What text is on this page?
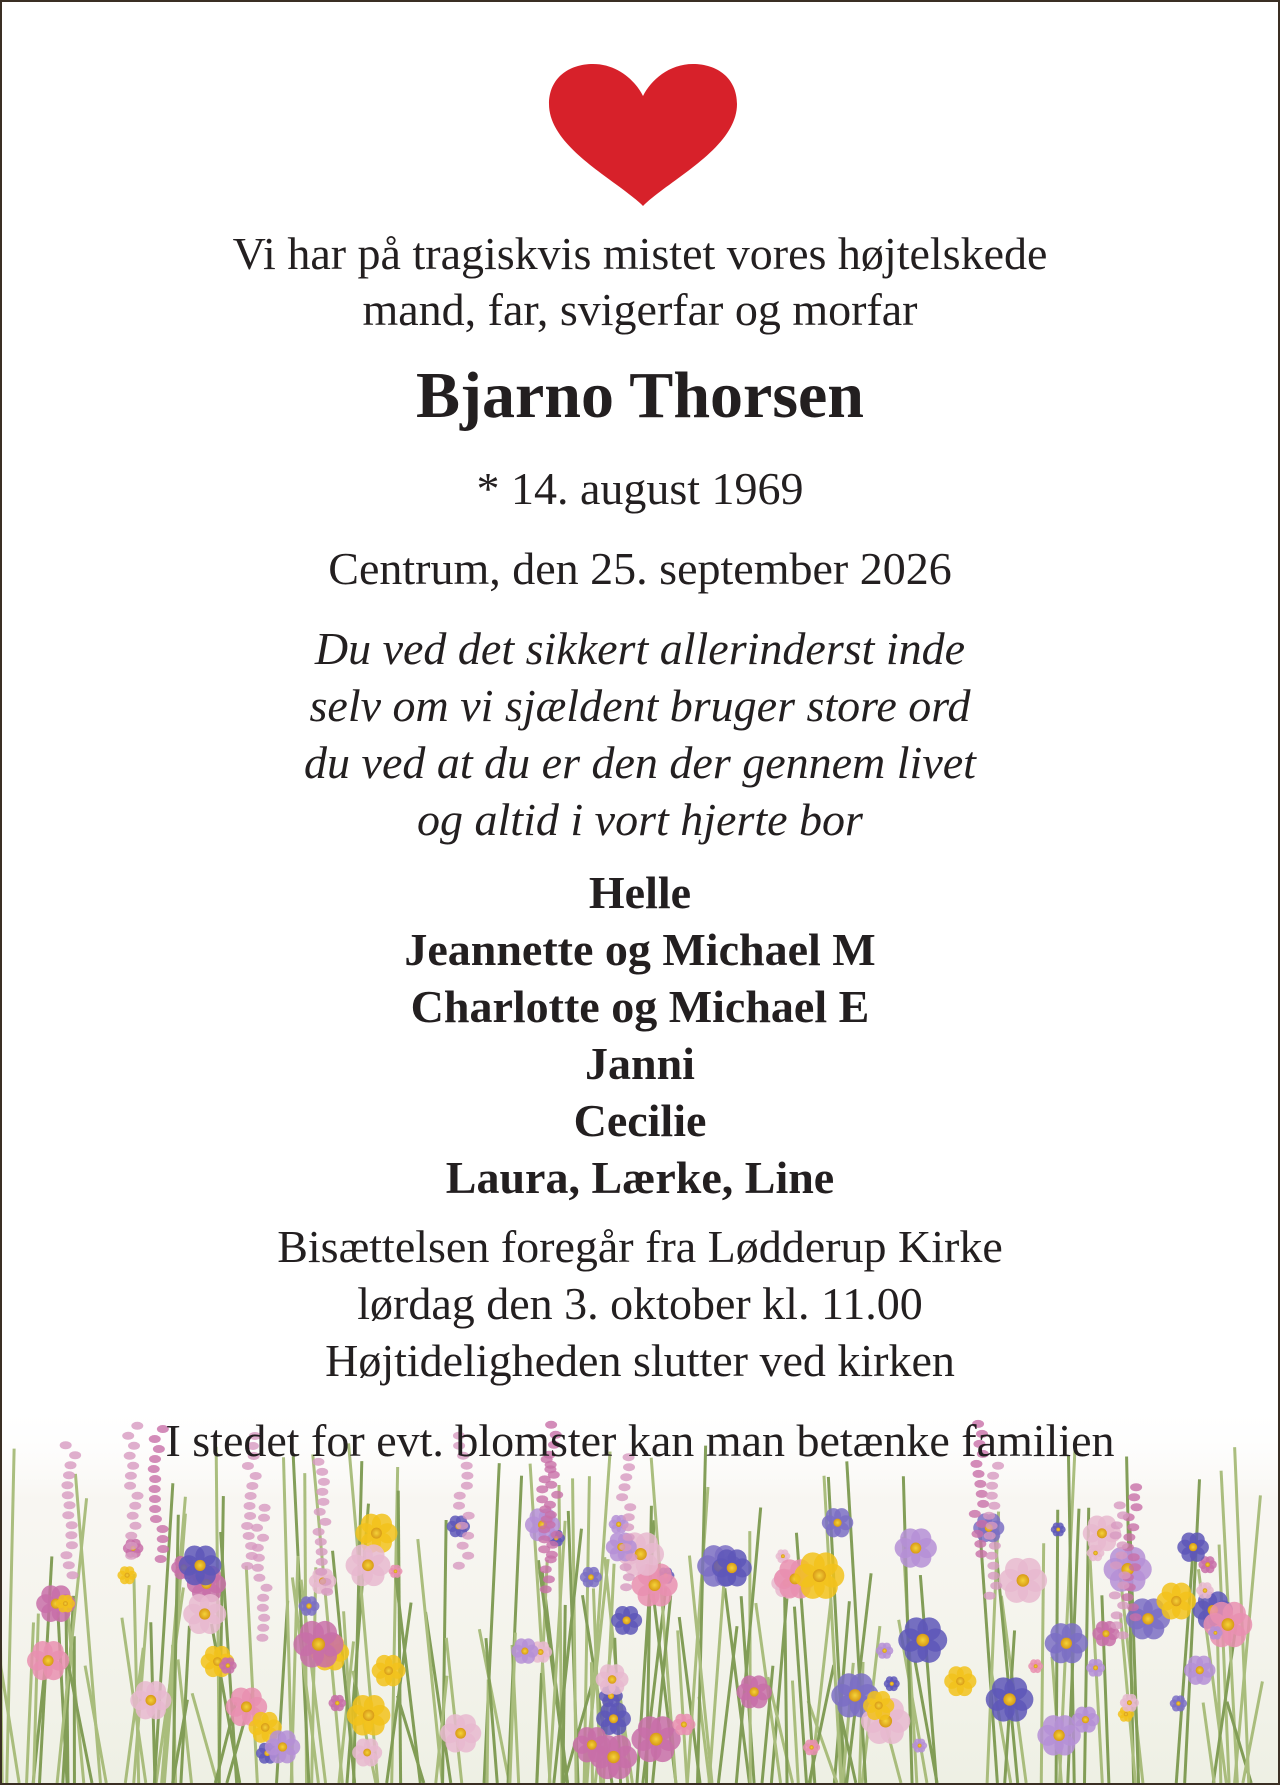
Vi har på tragiskvis mistet vores højtelskede
mand, far, svigerfar og morfar
Bjarno Thorsen
* 14. august 1969
Centrum, den 25. september 2026
Du ved det sikkert allerinderst inde
selv om vi sjældent bruger store ord
du ved at du er den der gennem livet
og altid i vort hjerte bor
Helle
Jeannette og Michael M
Charlotte og Michael E
Janni
Cecilie
Laura, Lærke, Line
Bisættelsen foregår fra Lødderup Kirke
lørdag den 3. oktober kl. 11.00
Højtideligheden slutter ved kirken
I stedet for evt. blomster kan man betænke familien
